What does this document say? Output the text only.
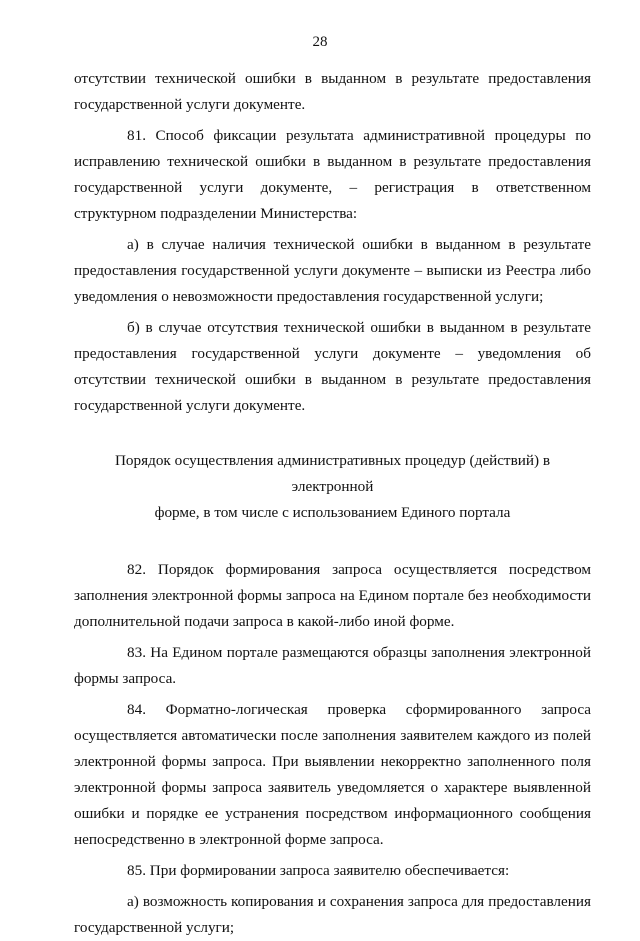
28

отсутствии технической ошибки в выданном в результате предоставления государственной услуги документе.

81. Способ фиксации результата административной процедуры по исправлению технической ошибки в выданном в результате предоставления государственной услуги документе, – регистрация в ответственном структурном подразделении Министерства:

а) в случае наличия технической ошибки в выданном в результате предоставления государственной услуги документе – выписки из Реестра либо уведомления о невозможности предоставления государственной услуги;

б) в случае отсутствия технической ошибки в выданном в результате предоставления государственной услуги документе – уведомления об отсутствии технической ошибки в выданном в результате предоставления государственной услуги документе.

Порядок осуществления административных процедур (действий) в электронной
форме, в том числе с использованием Единого портала

82. Порядок формирования запроса осуществляется посредством заполнения электронной формы запроса на Едином портале без необходимости дополнительной подачи запроса в какой-либо иной форме.

83. На Едином портале размещаются образцы заполнения электронной формы запроса.

84. Форматно-логическая проверка сформированного запроса осуществляется автоматически после заполнения заявителем каждого из полей электронной формы запроса. При выявлении некорректно заполненного поля электронной формы запроса заявитель уведомляется о характере выявленной ошибки и порядке ее устранения посредством информационного сообщения непосредственно в электронной форме запроса.

85. При формировании запроса заявителю обеспечивается:

а) возможность копирования и сохранения запроса для предоставления государственной услуги;
